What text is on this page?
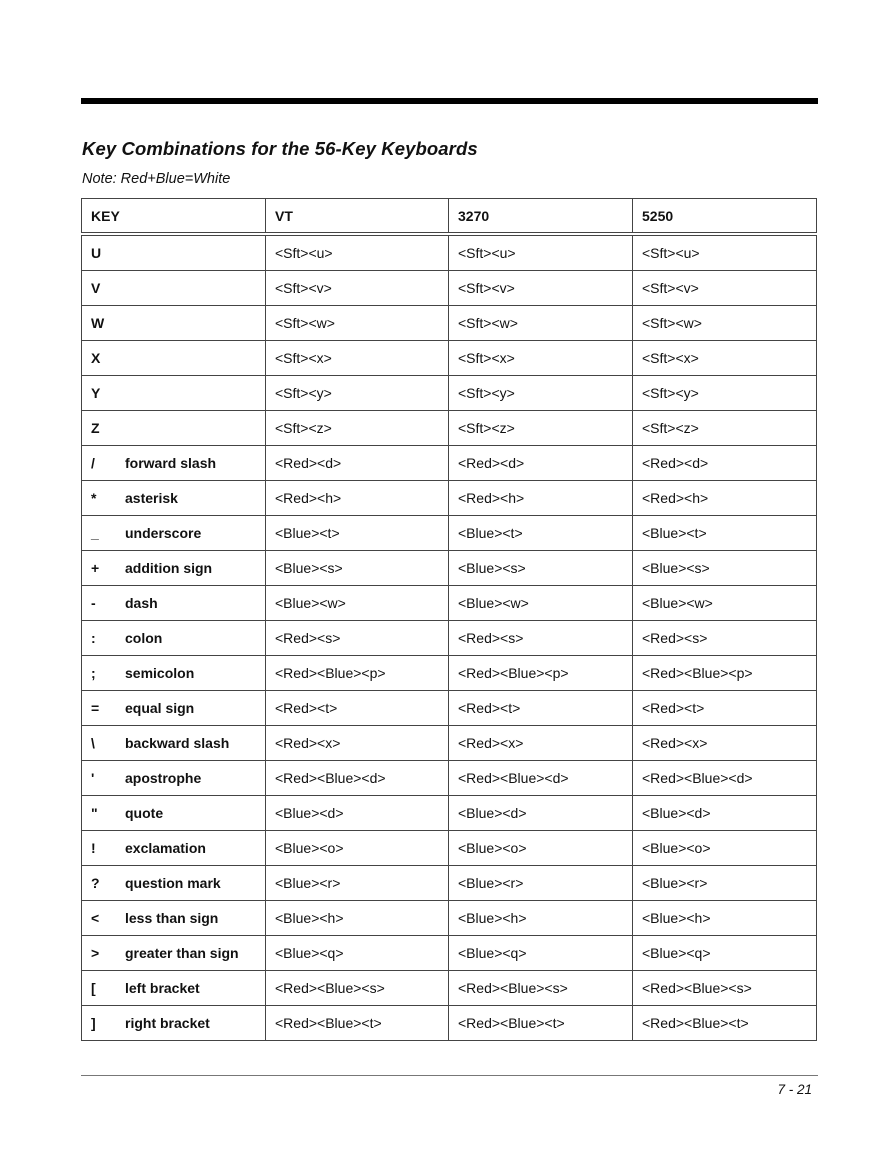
Key Combinations for the 56-Key Keyboards

Note: Red+Blue=White

KEY	VT	3270	5250
U	<Sft><u>	<Sft><u>	<Sft><u>
V	<Sft><v>	<Sft><v>	<Sft><v>
W	<Sft><w>	<Sft><w>	<Sft><w>
X	<Sft><x>	<Sft><x>	<Sft><x>
Y	<Sft><y>	<Sft><y>	<Sft><y>
Z	<Sft><z>	<Sft><z>	<Sft><z>
/ forward slash	<Red><d>	<Red><d>	<Red><d>
* asterisk	<Red><h>	<Red><h>	<Red><h>
_ underscore	<Blue><t>	<Blue><t>	<Blue><t>
+ addition sign	<Blue><s>	<Blue><s>	<Blue><s>
- dash	<Blue><w>	<Blue><w>	<Blue><w>
: colon	<Red><s>	<Red><s>	<Red><s>
; semicolon	<Red><Blue><p>	<Red><Blue><p>	<Red><Blue><p>
= equal sign	<Red><t>	<Red><t>	<Red><t>
\ backward slash	<Red><x>	<Red><x>	<Red><x>
' apostrophe	<Red><Blue><d>	<Red><Blue><d>	<Red><Blue><d>
" quote	<Blue><d>	<Blue><d>	<Blue><d>
! exclamation	<Blue><o>	<Blue><o>	<Blue><o>
? question mark	<Blue><r>	<Blue><r>	<Blue><r>
< less than sign	<Blue><h>	<Blue><h>	<Blue><h>
> greater than sign	<Blue><q>	<Blue><q>	<Blue><q>
[ left bracket	<Red><Blue><s>	<Red><Blue><s>	<Red><Blue><s>
] right bracket	<Red><Blue><t>	<Red><Blue><t>	<Red><Blue><t>

7 - 21
